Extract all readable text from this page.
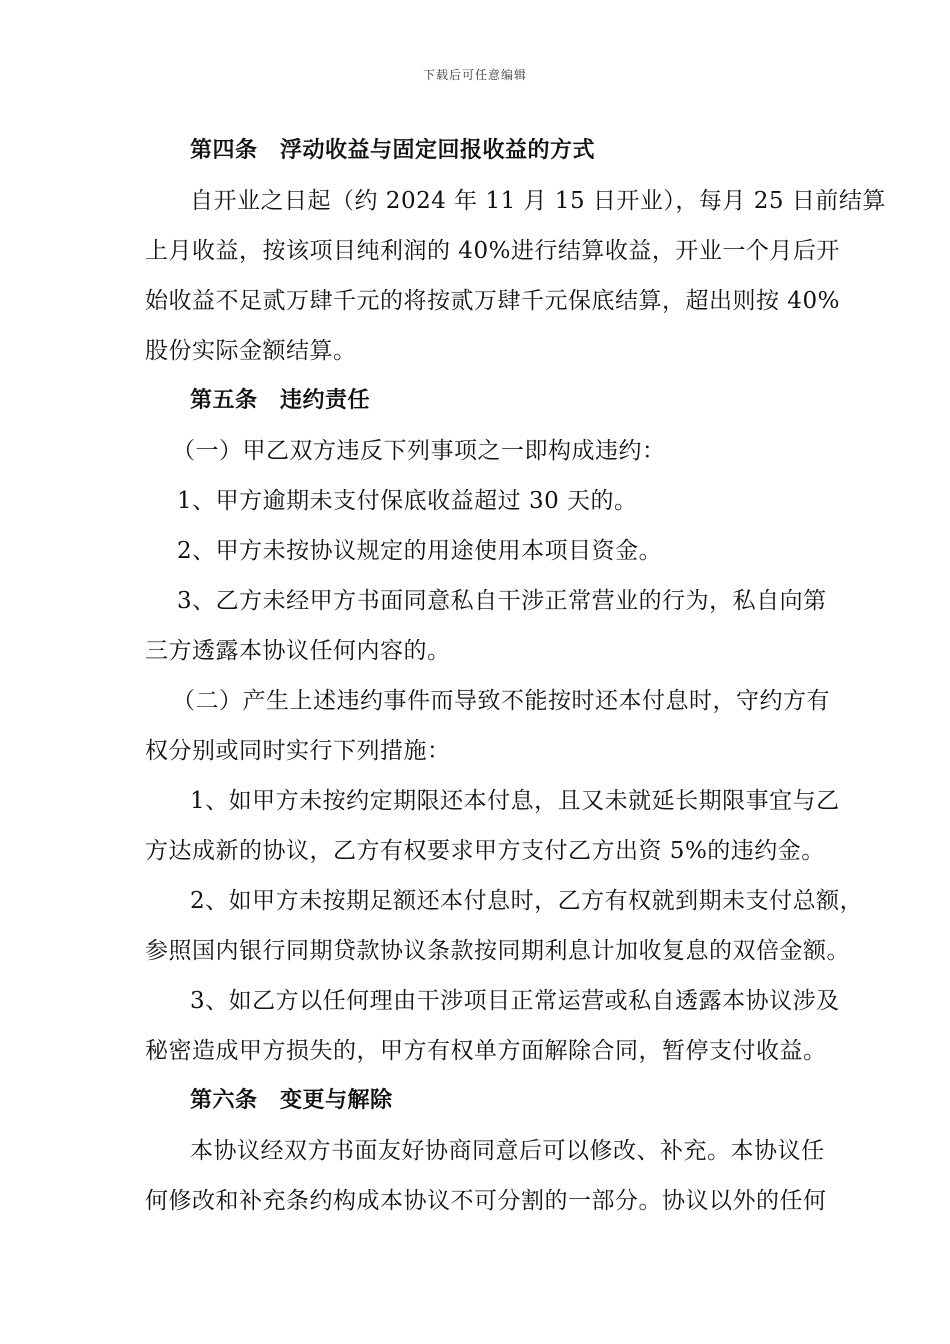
下载后可任意编辑
第四条　浮动收益与固定回报收益的方式
自开业之日起（约 2024 年 11 月 15 日开业），每月 25 日前结算
上月收益，按该项目纯利润的 40%进行结算收益，开业一个月后开
始收益不足贰万肆千元的将按贰万肆千元保底结算，超出则按 40%
股份实际金额结算。
第五条　违约责任
（一）甲乙双方违反下列事项之一即构成违约：
1、甲方逾期未支付保底收益超过 30 天的。
2、甲方未按协议规定的用途使用本项目资金。
3、乙方未经甲方书面同意私自干涉正常营业的行为，私自向第
三方透露本协议任何内容的。
（二）产生上述违约事件而导致不能按时还本付息时，守约方有
权分别或同时实行下列措施：
1、如甲方未按约定期限还本付息，且又未就延长期限事宜与乙
方达成新的协议，乙方有权要求甲方支付乙方出资 5%的违约金。
2、如甲方未按期足额还本付息时，乙方有权就到期未支付总额，
参照国内银行同期贷款协议条款按同期利息计加收复息的双倍金额。
3、如乙方以任何理由干涉项目正常运营或私自透露本协议涉及
秘密造成甲方损失的，甲方有权单方面解除合同，暂停支付收益。
第六条　变更与解除
本协议经双方书面友好协商同意后可以修改、补充。本协议任
何修改和补充条约构成本协议不可分割的一部分。协议以外的任何
